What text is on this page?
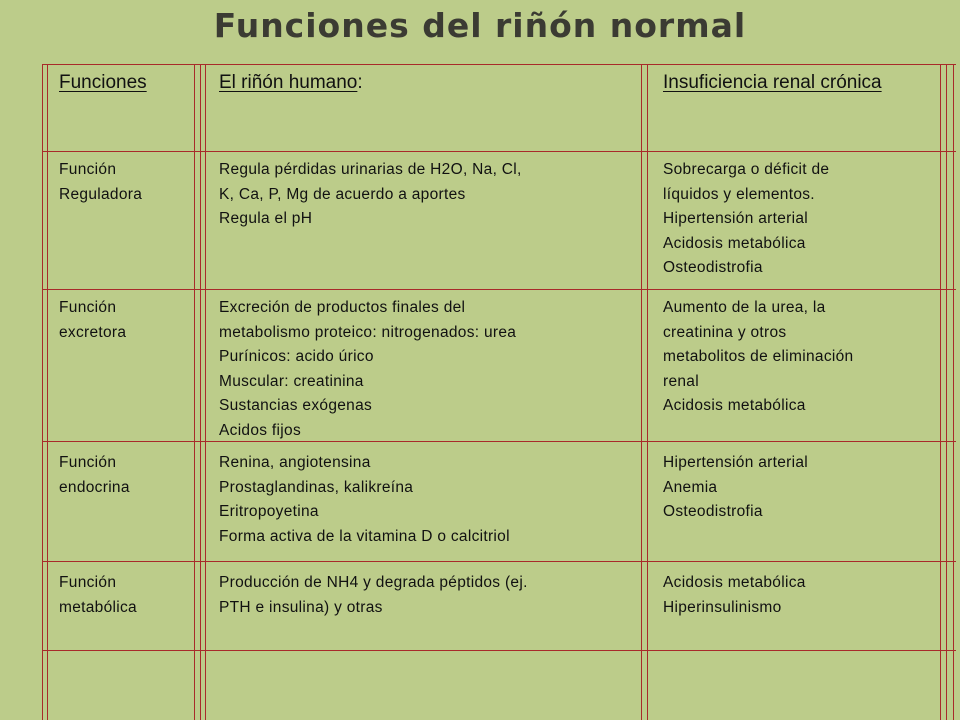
Funciones del riñón normal
Funciones	El riñón humano:	Insuficiencia renal crónica
Función
Reguladora
Regula pérdidas urinarias de H2O, Na, Cl,
K, Ca, P, Mg de acuerdo a aportes
Regula el pH
Sobrecarga o déficit de
líquidos y elementos.
Hipertensión arterial
Acidosis metabólica
Osteodistrofia
Función
excretora
Excreción de productos finales del
metabolismo proteico: nitrogenados: urea
Purínicos: acido úrico
Muscular: creatinina
Sustancias exógenas
Acidos fijos
Aumento de la urea, la
creatinina y otros
metabolitos de eliminación
renal
Acidosis metabólica
Función
endocrina
Renina, angiotensina
Prostaglandinas, kalikreína
Eritropoyetina
Forma activa de la vitamina D o calcitriol
Hipertensión arterial
Anemia
Osteodistrofia
Función
metabólica
Producción de NH4 y degrada péptidos (ej.
PTH e insulina) y otras
Acidosis metabólica
Hiperinsulinismo
